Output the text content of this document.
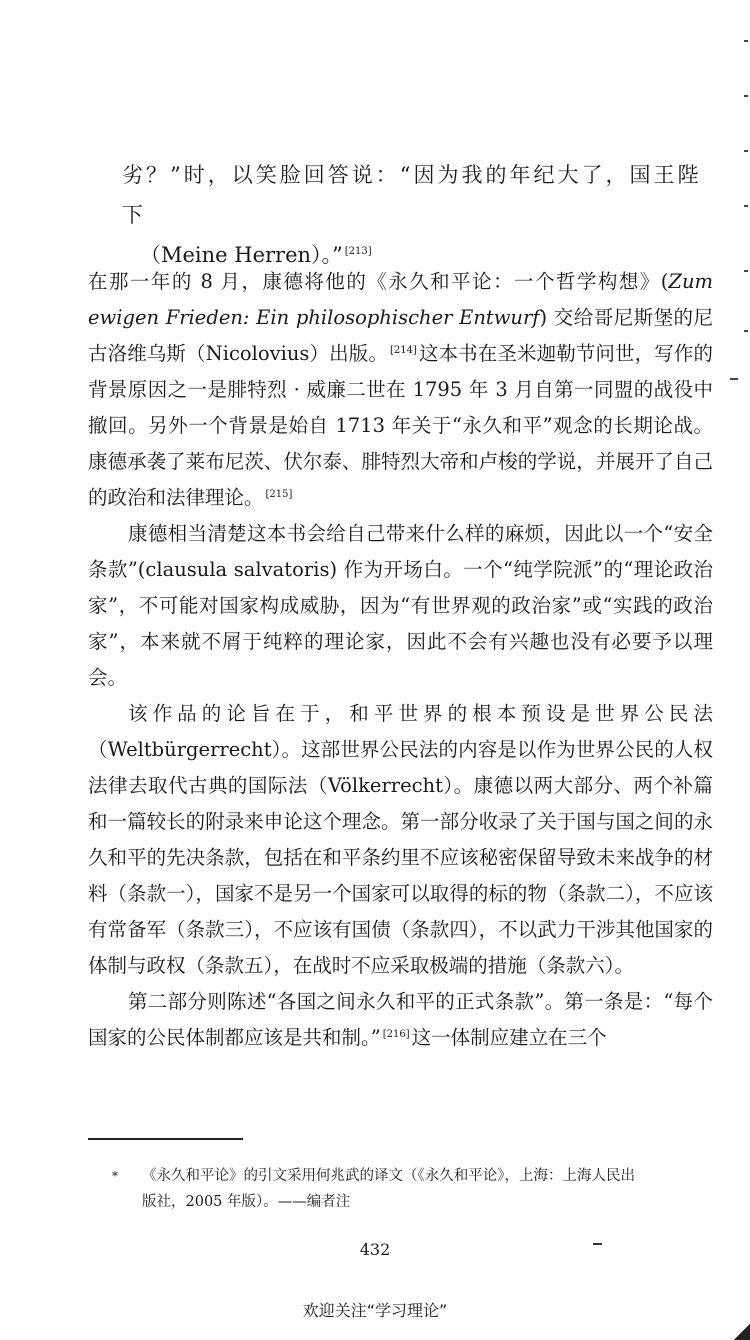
劣？”时，以笑脸回答说：“因为我的年纪大了，国王陛下
（Meine Herren）。” [213]

在那一年的 8 月，康德将他的《永久和平论：一个哲学构想》(Zum ewigen Frieden: Ein philosophischer Entwurf) 交给哥尼斯堡的尼古洛维乌斯（Nicolovius）出版。 [214] 这本书在圣米迦勒节问世，写作的背景原因之一是腓特烈 · 威廉二世在 1795 年 3 月自第一同盟的战役中撤回。另外一个背景是始自 1713 年关于“永久和平”观念的长期论战。康德承袭了莱布尼茨、伏尔泰、腓特烈大帝和卢梭的学说，并展开了自己的政治和法律理论。 [215]

康德相当清楚这本书会给自己带来什么样的麻烦，因此以一个“安全条款”(clausula salvatoris) 作为开场白。一个“纯学院派”的“理论政治家”，不可能对国家构成威胁，因为“有世界观的政治家”或“实践的政治家”，本来就不屑于纯粹的理论家，因此不会有兴趣也没有必要予以理会。

该作品的论旨在于，和平世界的根本预设是世界公民法（Weltbürgerrecht）。这部世界公民法的内容是以作为世界公民的人权法律去取代古典的国际法（Völkerrecht）。康德以两大部分、两个补篇和一篇较长的附录来申论这个理念。第一部分收录了关于国与国之间的永久和平的先决条款，包括在和平条约里不应该秘密保留导致未来战争的材料（条款一），国家不是另一个国家可以取得的标的物（条款二），不应该有常备军（条款三），不应该有国债（条款四），不以武力干涉其他国家的体制与政权（条款五），在战时不应采取极端的措施（条款六）。

第二部分则陈述“各国之间永久和平的正式条款”。第一条是：“每个国家的公民体制都应该是共和制。” [216] 这一体制应建立在三个

* 《永久和平论》的引文采用何兆武的译文（《永久和平论》，上海：上海人民出
版社，2005 年版）。——编者注
432
欢迎关注“学习理论”
